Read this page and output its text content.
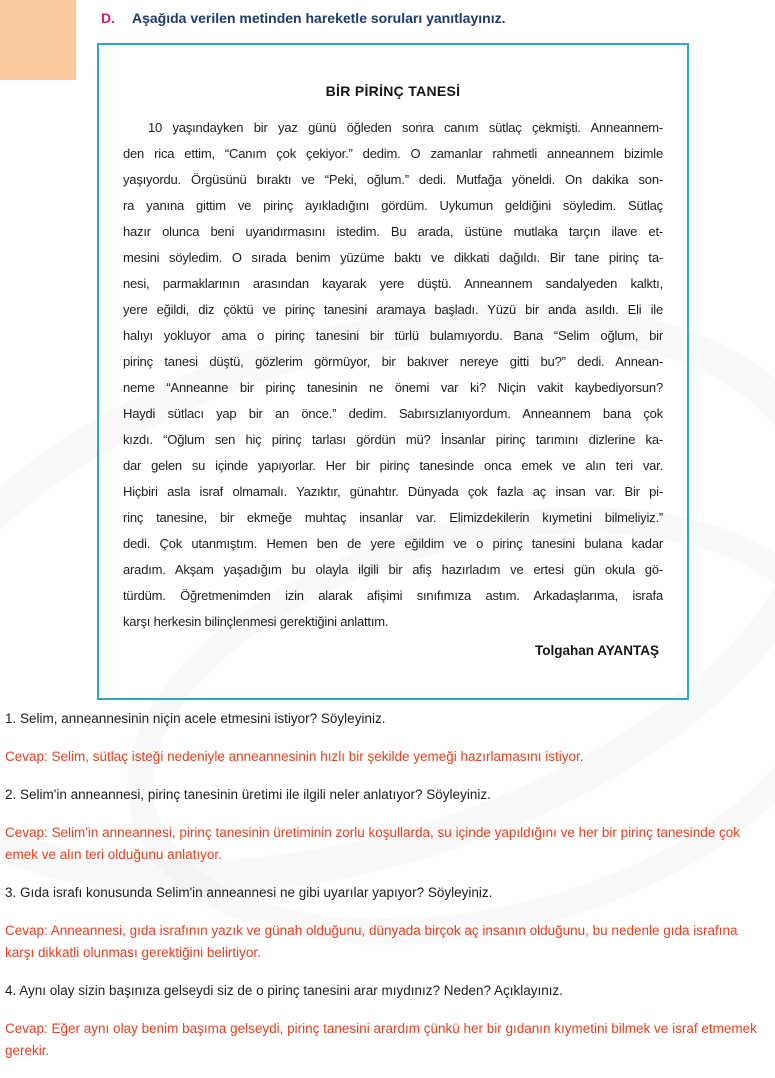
D. Aşağıda verilen metinden hareketle soruları yanıtlayınız.
BİR PİRİNÇ TANESİ
10 yaşındayken bir yaz günü öğleden sonra canım sütlaç çekmişti. Anneannem-
den rica ettim, “Canım çok çekiyor.” dedim. O zamanlar rahmetli anneannem bizimle
yaşıyordu. Örgüsünü bıraktı ve “Peki, oğlum.” dedi. Mutfağa yöneldi. On dakika son-
ra yanına gittim ve pirinç ayıkladığını gördüm. Uykumun geldiğini söyledim. Sütlaç
hazır olunca beni uyandırmasını istedim. Bu arada, üstüne mutlaka tarçın ilave et-
mesini söyledim. O sırada benim yüzüme baktı ve dikkati dağıldı. Bir tane pirinç ta-
nesi, parmaklarının arasından kayarak yere düştü. Anneannem sandalyeden kalktı,
yere eğildi, diz çöktü ve pirinç tanesini aramaya başladı. Yüzü bir anda asıldı. Eli ile
halıyı yokluyor ama o pirinç tanesini bir türlü bulamıyordu. Bana “Selim oğlum, bir
pirinç tanesi düştü, gözlerim görmüyor, bir bakıver nereye gitti bu?” dedi. Annean-
neme “Anneanne bir pirinç tanesinin ne önemi var ki? Niçin vakit kaybediyorsun?
Haydi sütlacı yap bir an önce.” dedim. Sabırsızlanıyordum. Anneannem bana çok
kızdı. “Oğlum sen hiç pirinç tarlası gördün mü? İnsanlar pirinç tarımını dizlerine ka-
dar gelen su içinde yapıyorlar. Her bir pirinç tanesinde onca emek ve alın teri var.
Hiçbiri asla israf olmamalı. Yazıktır, günahtır. Dünyada çok fazla aç insan var. Bir pi-
rinç tanesine, bir ekmeğe muhtaç insanlar var. Elimizdekilerin kıymetini bilmeliyiz.”
dedi. Çok utanmıştım. Hemen ben de yere eğildim ve o pirinç tanesini bulana kadar
aradım. Akşam yaşadığım bu olayla ilgili bir afiş hazırladım ve ertesi gün okula gö-
türdüm. Öğretmenimden izin alarak afişimi sınıfımıza astım. Arkadaşlarıma, israfa
karşı herkesin bilinçlenmesi gerektiğini anlattım.
Tolgahan AYANTAŞ

1. Selim, anneannesinin niçin acele etmesini istiyor? Söyleyiniz.

Cevap: Selim, sütlaç isteği nedeniyle anneannesinin hızlı bir şekilde yemeği hazırlamasını istiyor.

2. Selim'in anneannesi, pirinç tanesinin üretimi ile ilgili neler anlatıyor? Söyleyiniz.

Cevap: Selim'in anneannesi, pirinç tanesinin üretiminin zorlu koşullarda, su içinde yapıldığını ve her bir pirinç tanesinde çok emek ve alın teri olduğunu anlatıyor.

3. Gıda israfı konusunda Selim'in anneannesi ne gibi uyarılar yapıyor? Söyleyiniz.

Cevap: Anneannesi, gıda israfının yazık ve günah olduğunu, dünyada birçok aç insanın olduğunu, bu nedenle gıda israfına karşı dikkatli olunması gerektiğini belirtiyor.

4. Aynı olay sizin başınıza gelseydi siz de o pirinç tanesini arar mıydınız? Neden? Açıklayınız.

Cevap: Eğer aynı olay benim başıma gelseydi, pirinç tanesini arardım çünkü her bir gıdanın kıymetini bilmek ve israf etmemek gerekir.
